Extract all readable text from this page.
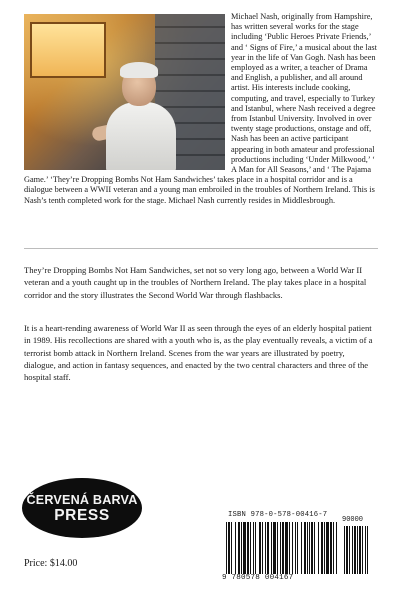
Michael Nash, originally from Hampshire, has written several works for the stage including ‘Public Heroes Private Friends,’ and ‘ Signs of Fire,’ a musical about the last year in the life of Van Gogh. Nash has been employed as a writer, a teacher of Drama and English, a publisher, and all around artist. His interests include cooking, computing, and travel, especially to Turkey and Istanbul, where Nash received a degree from Istanbul University. Involved in over twenty stage productions, onstage and off, Nash has been an active participant appearing in both amateur and professional productions including ‘Under Milkwood,’ ‘ A Man for All Seasons,’ and ‘ The Pajama Game.’ ‘They’re Dropping Bombs Not Ham Sandwiches’ takes place in a hospital corridor and is a dialogue between a WWII veteran and a young man embroiled in the troubles of Northern Ireland. This is Nash’s tenth completed work for the stage. Michael Nash currently resides in Middlesbrough.

They’re Dropping Bombs Not Ham Sandwiches, set not so very long ago, between a World War II veteran and a youth caught up in the troubles of Northern Ireland. The play takes place in a hospital corridor and the story illustrates the Second World War through flashbacks.

It is a heart-rending awareness of World War II as seen through the eyes of an elderly hospital patient in 1989. His recollections are shared with a youth who is, as the play eventually reveals, a victim of a terrorist bomb attack in Northern Ireland. Scenes from the war years are illustrated by poetry, dialogue, and action in fantasy sequences, and enacted by the two central characters and three of the hospital staff.

ČERVENÁ BARVA
PRESS

Price: $14.00

ISBN 978-0-578-00416-7

90000
9 780578 004167
